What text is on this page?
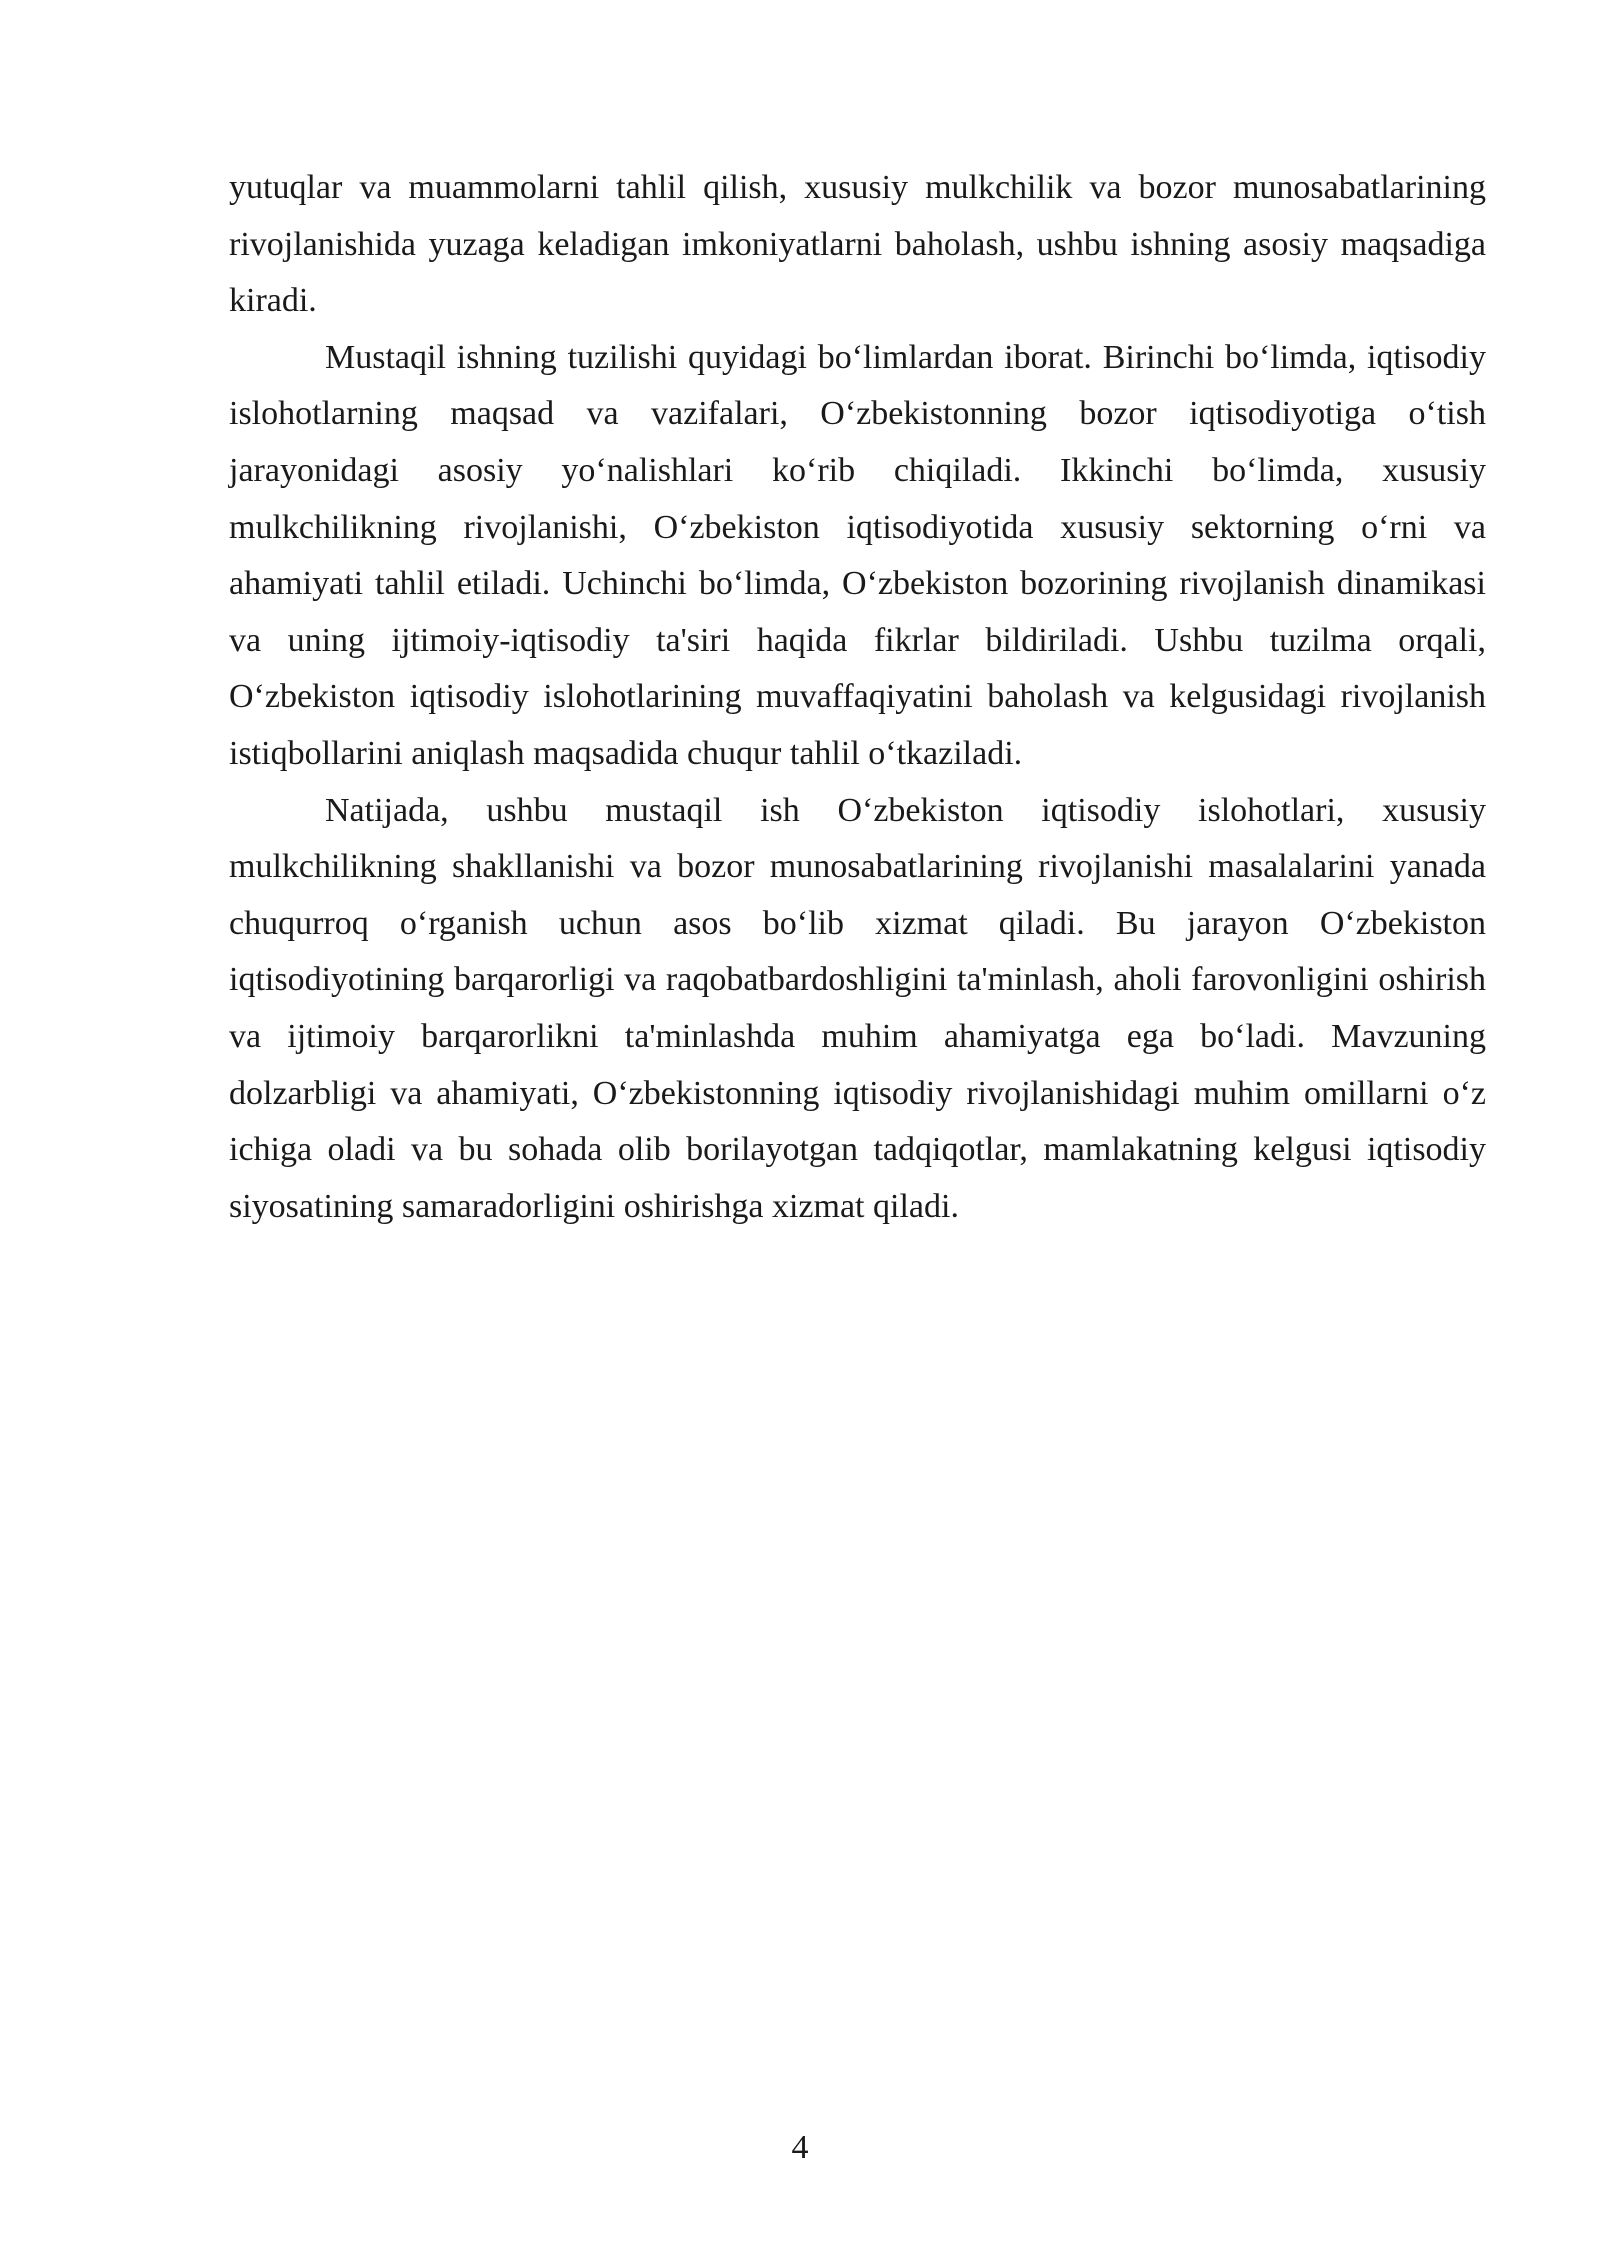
yutuqlar va muammolarni tahlil qilish, xususiy mulkchilik va bozor munosabatlarining rivojlanishida yuzaga keladigan imkoniyatlarni baholash, ushbu ishning asosiy maqsadiga kiradi.

Mustaqil ishning tuzilishi quyidagi bo‘limlardan iborat. Birinchi bo‘limda, iqtisodiy islohotlarning maqsad va vazifalari, O‘zbekistonning bozor iqtisodiyotiga o‘tish jarayonidagi asosiy yo‘nalishlari ko‘rib chiqiladi. Ikkinchi bo‘limda, xususiy mulkchilikning rivojlanishi, O‘zbekiston iqtisodiyotida xususiy sektorning o‘rni va ahamiyati tahlil etiladi. Uchinchi bo‘limda, O‘zbekiston bozorining rivojlanish dinamikasi va uning ijtimoiy-iqtisodiy ta'siri haqida fikrlar bildiriladi. Ushbu tuzilma orqali, O‘zbekiston iqtisodiy islohotlarining muvaffaqiyatini baholash va kelgusidagi rivojlanish istiqbollarini aniqlash maqsadida chuqur tahlil o‘tkaziladi.

Natijada, ushbu mustaqil ish O‘zbekiston iqtisodiy islohotlari, xususiy mulkchilikning shakllanishi va bozor munosabatlarining rivojlanishi masalalarini yanada chuqurroq o‘rganish uchun asos bo‘lib xizmat qiladi. Bu jarayon O‘zbekiston iqtisodiyotining barqarorligi va raqobatbardoshligini ta'minlash, aholi farovonligini oshirish va ijtimoiy barqarorlikni ta'minlashda muhim ahamiyatga ega bo‘ladi. Mavzuning dolzarbligi va ahamiyati, O‘zbekistonning iqtisodiy rivojlanishidagi muhim omillarni o‘z ichiga oladi va bu sohada olib borilayotgan tadqiqotlar, mamlakatning kelgusi iqtisodiy siyosatining samaradorligini oshirishga xizmat qiladi.

4
